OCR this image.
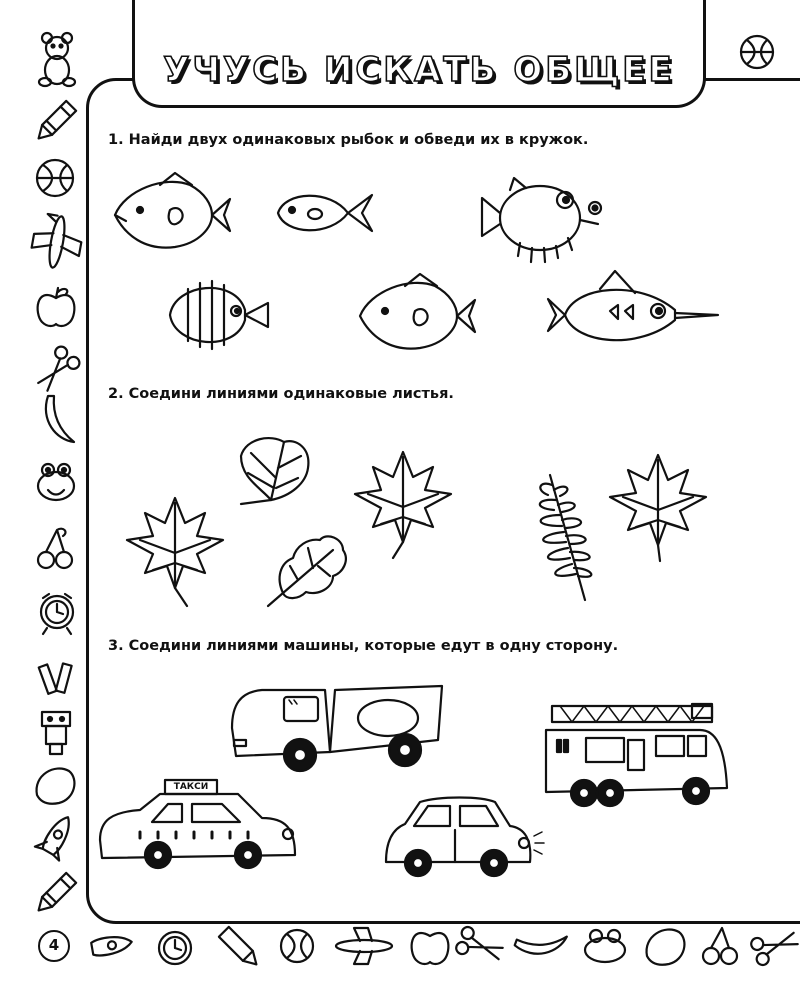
УЧУСЬ ИСКАТЬ ОБЩЕЕ
1. Найди двух одинаковых рыбок и обведи их в кружок.
2. Соедини линиями одинаковые листья.
3. Соедини линиями машины, которые едут в одну сторону.
ТАКСИ
4
